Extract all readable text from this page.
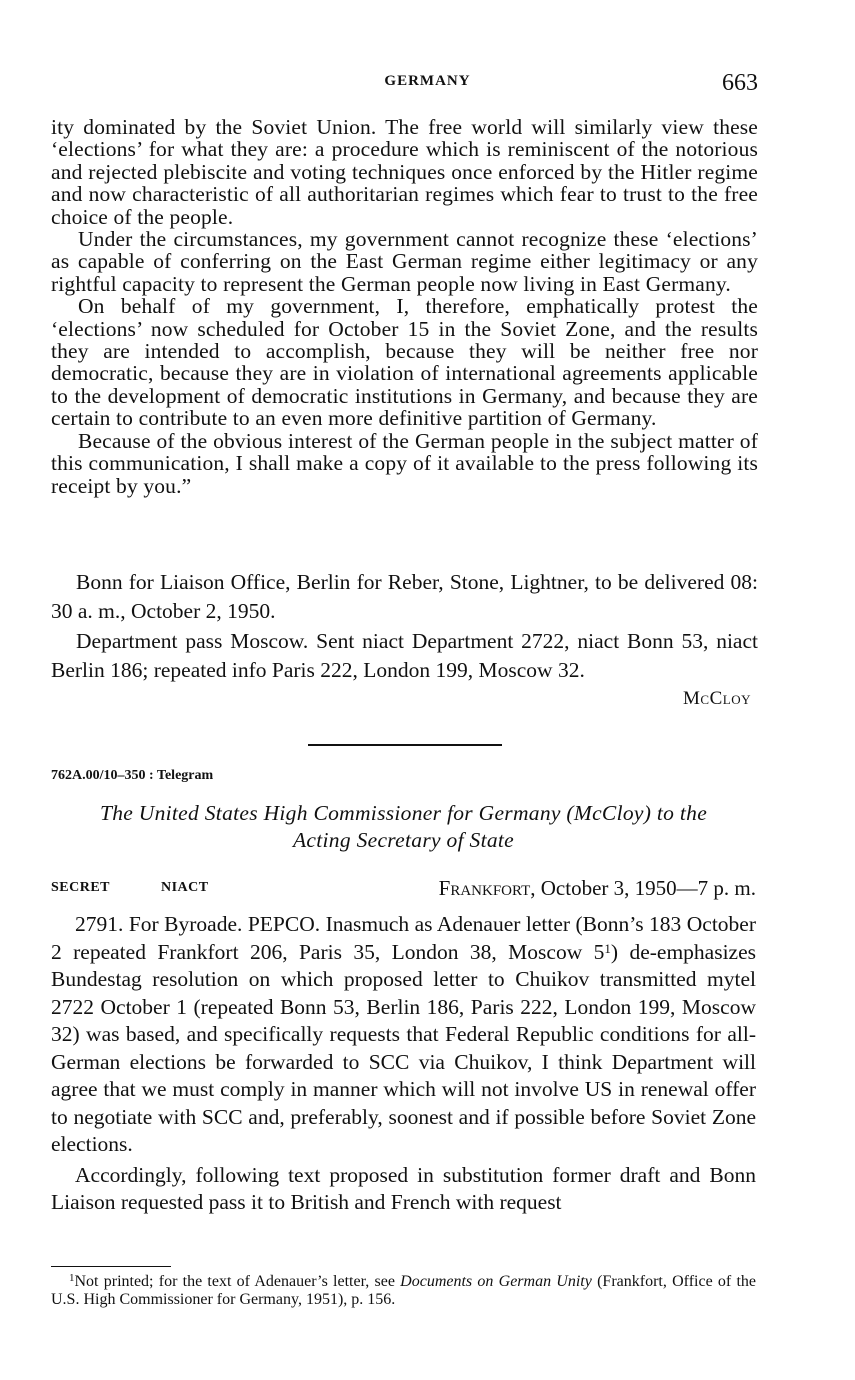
GERMANY	663

ity dominated by the Soviet Union. The free world will similarly view these ‘elections’ for what they are: a procedure which is reminiscent of the notorious and rejected plebiscite and voting techniques once enforced by the Hitler regime and now characteristic of all authoritarian regimes which fear to trust to the free choice of the people.

Under the circumstances, my government cannot recognize these ‘elections’ as capable of conferring on the East German regime either legitimacy or any rightful capacity to represent the German people now living in East Germany.

On behalf of my government, I, therefore, emphatically protest the ‘elections’ now scheduled for October 15 in the Soviet Zone, and the results they are intended to accomplish, because they will be neither free nor democratic, because they are in violation of international agreements applicable to the development of democratic institutions in Germany, and because they are certain to contribute to an even more definitive partition of Germany.

Because of the obvious interest of the German people in the subject matter of this communication, I shall make a copy of it available to the press following its receipt by you.”

Bonn for Liaison Office, Berlin for Reber, Stone, Lightner, to be delivered 08: 30 a. m., October 2, 1950.

Department pass Moscow. Sent niact Department 2722, niact Bonn 53, niact Berlin 186; repeated info Paris 222, London 199, Moscow 32.

McCloy
762A.00/10–350 : Telegram
The United States High Commissioner for Germany (McCloy) to the
Acting Secretary of State
SECRET	NIACT	Frankfort, October 3, 1950—7 p. m.

2791. For Byroade. PEPCO. Inasmuch as Adenauer letter (Bonn’s 183 October 2 repeated Frankfort 206, Paris 35, London 38, Moscow $5^1$) de-emphasizes Bundestag resolution on which proposed letter to Chuikov transmitted mytel 2722 October 1 (repeated Bonn 53, Berlin 186, Paris 222, London 199, Moscow 32) was based, and specifically requests that Federal Republic conditions for all-German elections be forwarded to SCC via Chuikov, I think Department will agree that we must comply in manner which will not involve US in renewal offer to negotiate with SCC and, preferably, soonest and if possible before Soviet Zone elections.

Accordingly, following text proposed in substitution former draft and Bonn Liaison requested pass it to British and French with request

$^1$Not printed; for the text of Adenauer’s letter, see Documents on German Unity (Frankfort, Office of the U.S. High Commissioner for Germany, 1951), p. 156.
